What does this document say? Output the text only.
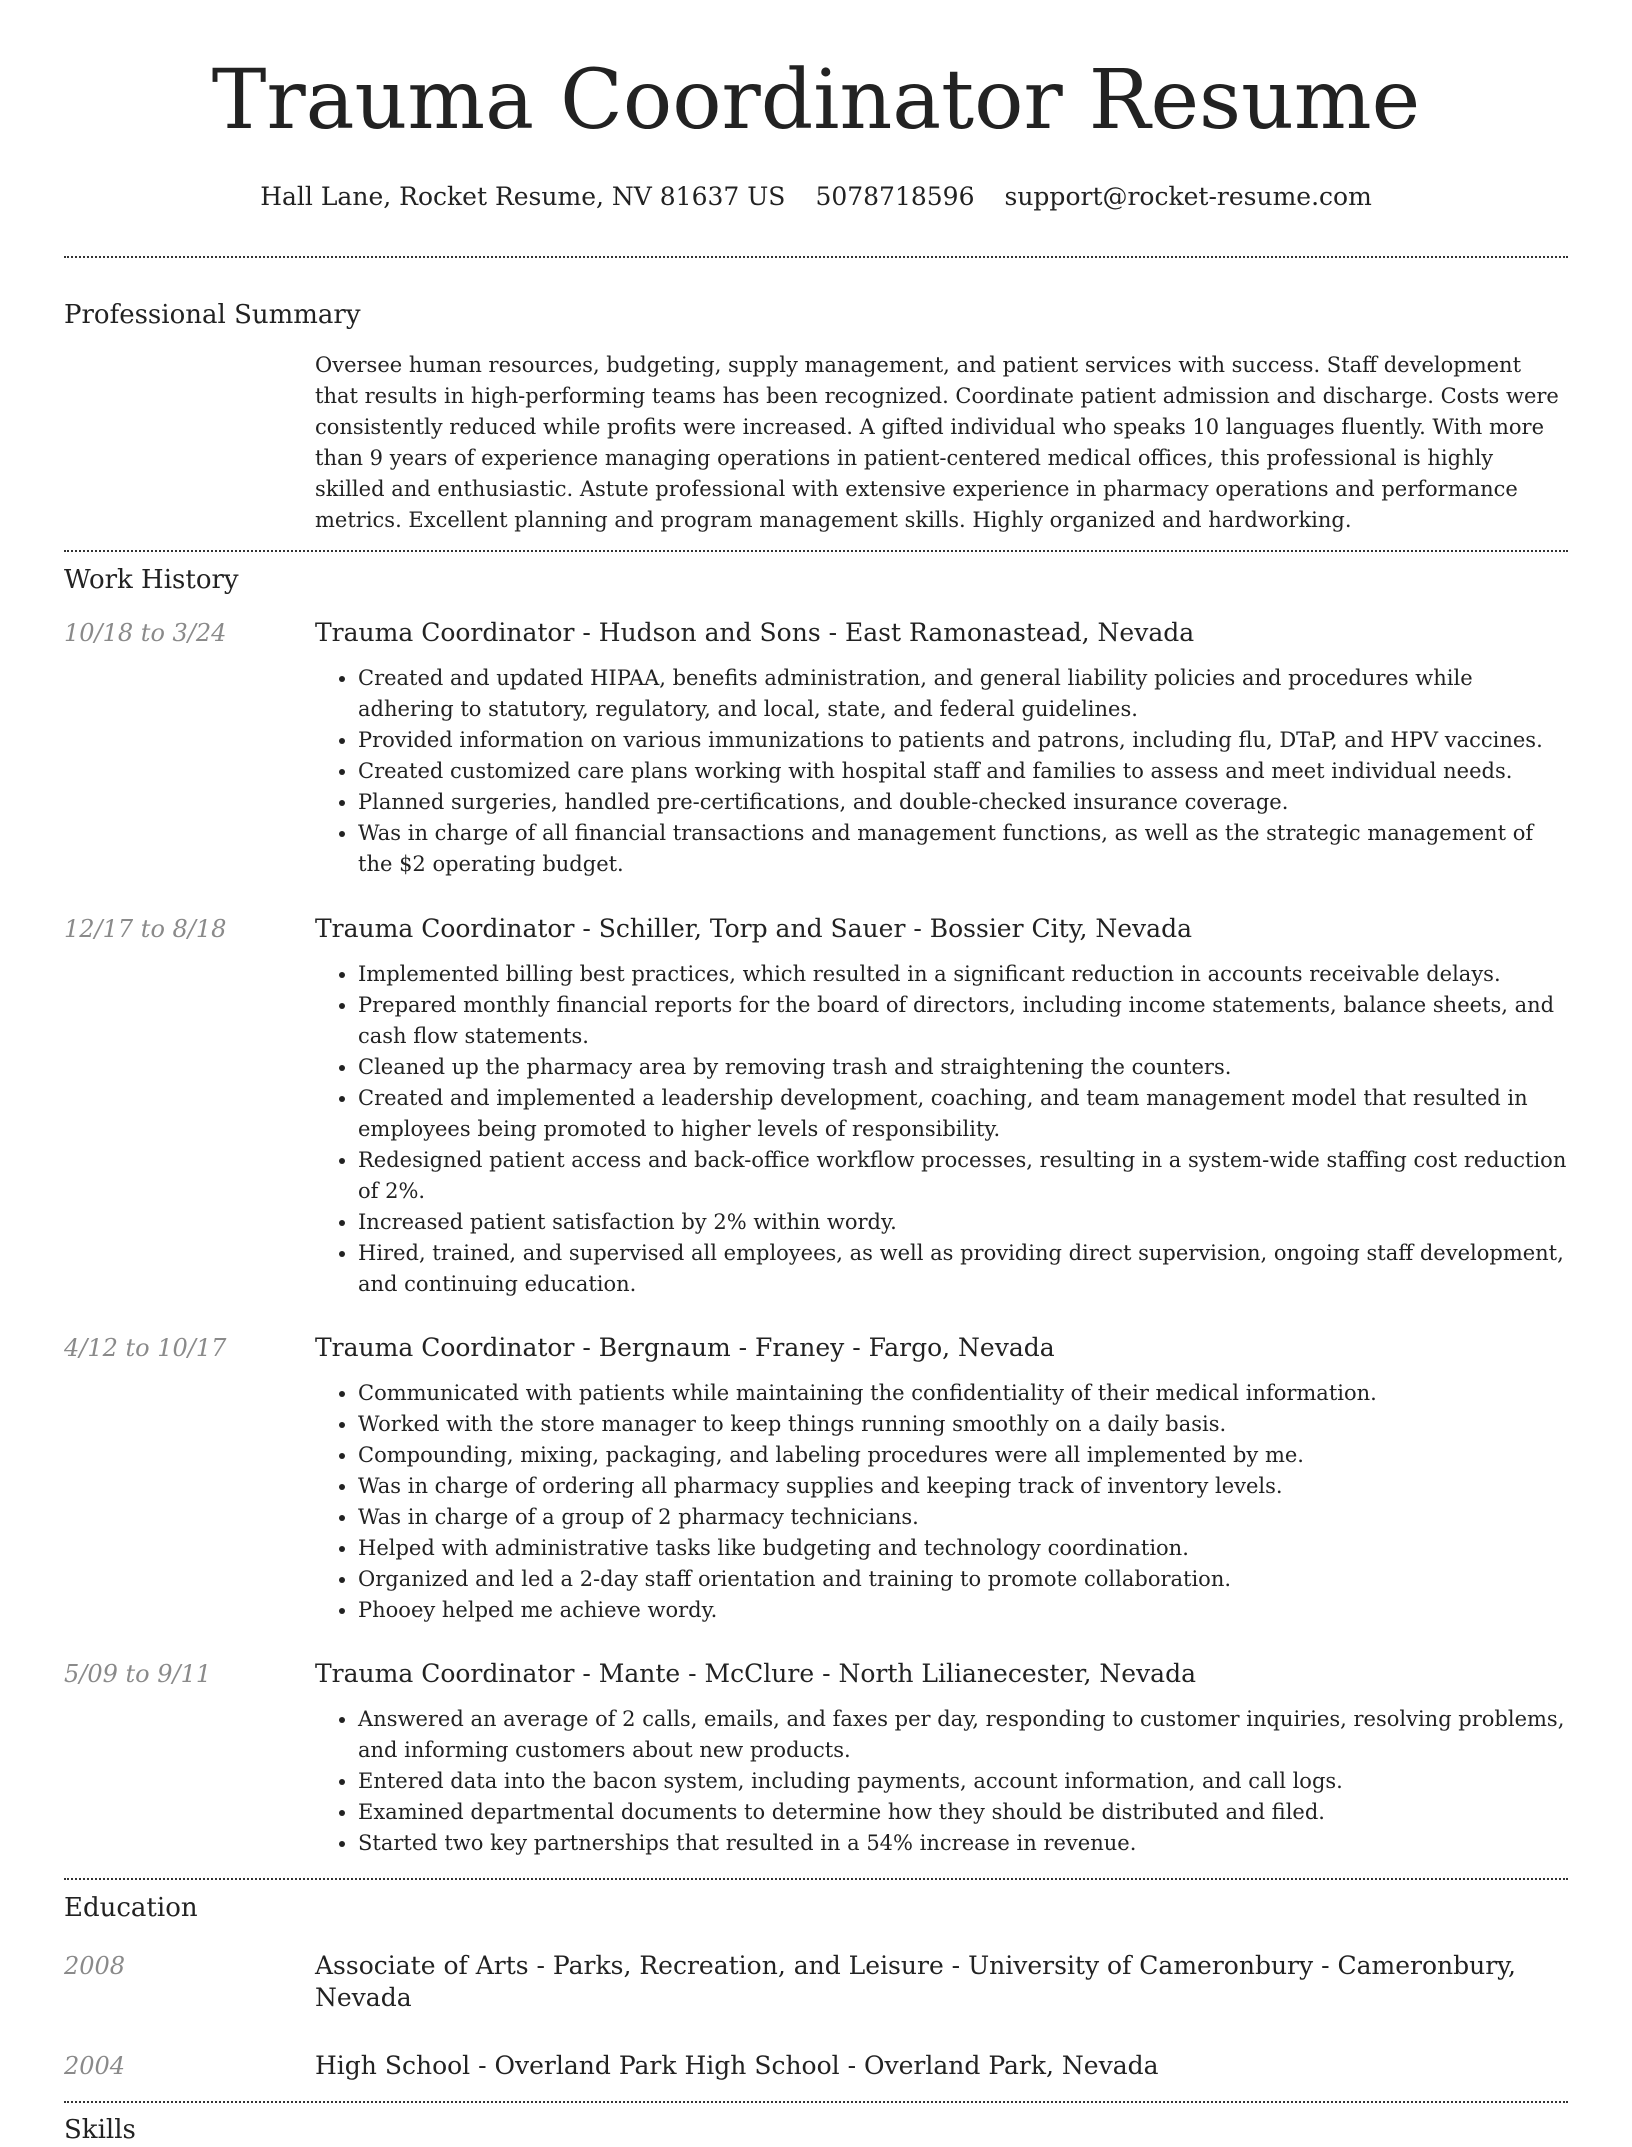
Trauma Coordinator Resume
Hall Lane, Rocket Resume, NV 81637 US 5078718596 support@rocket-resume.com
Professional Summary

Oversee human resources, budgeting, supply management, and patient services with success. Staff development that results in high-performing teams has been recognized. Coordinate patient admission and discharge. Costs were consistently reduced while profits were increased. A gifted individual who speaks 10 languages fluently. With more than 9 years of experience managing operations in patient-centered medical offices, this professional is highly skilled and enthusiastic. Astute professional with extensive experience in pharmacy operations and performance metrics. Excellent planning and program management skills. Highly organized and hardworking.

Work History
10/18 to 3/24	Trauma Coordinator - Hudson and Sons - East Ramonastead, Nevada
• Created and updated HIPAA, benefits administration, and general liability policies and procedures while adhering to statutory, regulatory, and local, state, and federal guidelines.
• Provided information on various immunizations to patients and patrons, including flu, DTaP, and HPV vaccines.
• Created customized care plans working with hospital staff and families to assess and meet individual needs.
• Planned surgeries, handled pre-certifications, and double-checked insurance coverage.
• Was in charge of all financial transactions and management functions, as well as the strategic management of the $2 operating budget.
12/17 to 8/18	Trauma Coordinator - Schiller, Torp and Sauer - Bossier City, Nevada
• Implemented billing best practices, which resulted in a significant reduction in accounts receivable delays.
• Prepared monthly financial reports for the board of directors, including income statements, balance sheets, and cash flow statements.
• Cleaned up the pharmacy area by removing trash and straightening the counters.
• Created and implemented a leadership development, coaching, and team management model that resulted in employees being promoted to higher levels of responsibility.
• Redesigned patient access and back-office workflow processes, resulting in a system-wide staffing cost reduction of 2%.
• Increased patient satisfaction by 2% within wordy.
• Hired, trained, and supervised all employees, as well as providing direct supervision, ongoing staff development, and continuing education.
4/12 to 10/17	Trauma Coordinator - Bergnaum - Franey - Fargo, Nevada
• Communicated with patients while maintaining the confidentiality of their medical information.
• Worked with the store manager to keep things running smoothly on a daily basis.
• Compounding, mixing, packaging, and labeling procedures were all implemented by me.
• Was in charge of ordering all pharmacy supplies and keeping track of inventory levels.
• Was in charge of a group of 2 pharmacy technicians.
• Helped with administrative tasks like budgeting and technology coordination.
• Organized and led a 2-day staff orientation and training to promote collaboration.
• Phooey helped me achieve wordy.
5/09 to 9/11	Trauma Coordinator - Mante - McClure - North Lilianecester, Nevada
• Answered an average of 2 calls, emails, and faxes per day, responding to customer inquiries, resolving problems, and informing customers about new products.
• Entered data into the bacon system, including payments, account information, and call logs.
• Examined departmental documents to determine how they should be distributed and filed.
• Started two key partnerships that resulted in a 54% increase in revenue.
Education
2008	Associate of Arts - Parks, Recreation, and Leisure - University of Cameronbury - Cameronbury, Nevada
2004	High School - Overland Park High School - Overland Park, Nevada
Skills
